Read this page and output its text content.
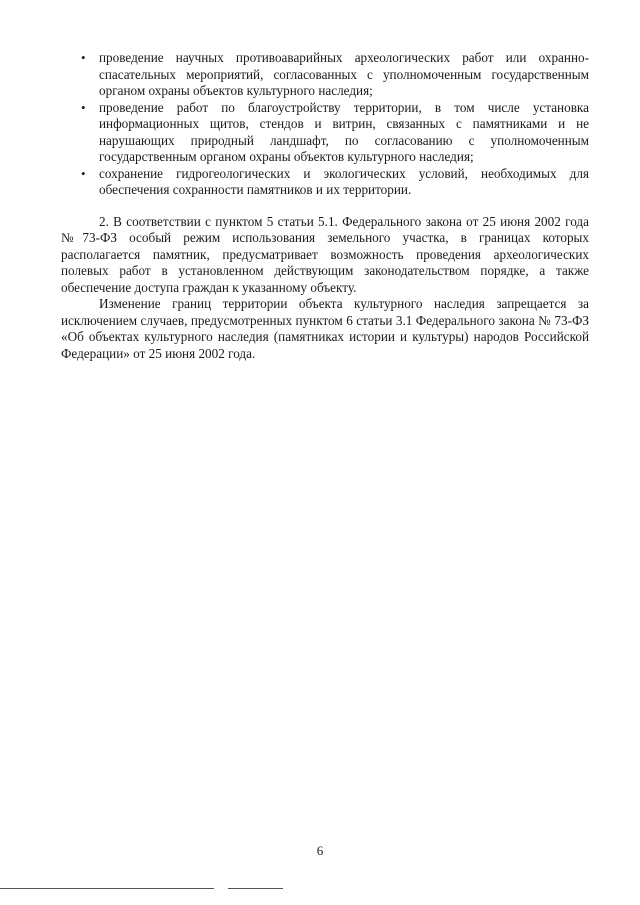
• проведение научных противоаварийных археологических работ или охранно-спасательных мероприятий, согласованных с уполномоченным государственным органом охраны объектов культурного наследия;
• проведение работ по благоустройству территории, в том числе установка информационных щитов, стендов и витрин, связанных с памятниками и не нарушающих природный ландшафт, по согласованию с уполномоченным государственным органом охраны объектов культурного наследия;
• сохранение гидрогеологических и экологических условий, необходимых для обеспечения сохранности памятников и их территории.

2. В соответствии с пунктом 5 статьи 5.1. Федерального закона от 25 июня 2002 года №73-ФЗ особый режим использования земельного участка, в границах которых располагается памятник, предусматривает возможность проведения археологических полевых работ в установленном действующим законодательством порядке, а также обеспечение доступа граждан к указанному объекту.

Изменение границ территории объекта культурного наследия запрещается за исключением случаев, предусмотренных пунктом 6 статьи 3.1 Федерального закона № 73-ФЗ «Об объектах культурного наследия (памятниках истории и культуры) народов Российской Федерации» от 25 июня 2002 года.

6
